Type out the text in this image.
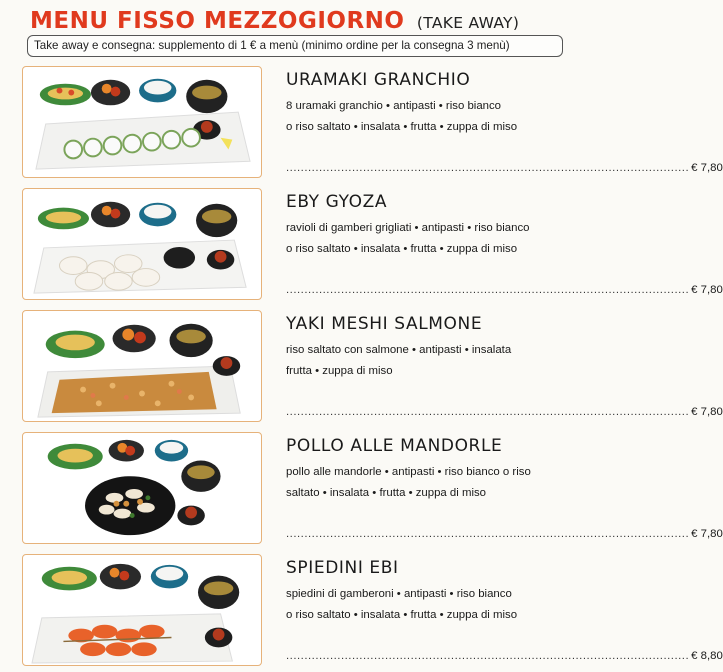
MENU FISSO MEZZOGIORNO (TAKE AWAY)
Take away e consegna: supplemento di 1 € a menù (minimo ordine per la consegna 3 menù)
URAMAKI GRANCHIO
8 uramaki granchio • antipasti • riso bianco
o riso saltato • insalata • frutta • zuppa di miso
.............................................................................................................. € 7,80
EBY GYOZA
ravioli di gamberi grigliati • antipasti • riso bianco
o riso saltato • insalata • frutta • zuppa di miso
.............................................................................................................. € 7,80
YAKI MESHI SALMONE
riso saltato con salmone • antipasti • insalata
frutta • zuppa di miso
.............................................................................................................. € 7,80
POLLO ALLE MANDORLE
pollo alle mandorle • antipasti • riso bianco o riso
saltato • insalata • frutta • zuppa di miso
.............................................................................................................. € 7,80
SPIEDINI EBI
spiedini di gamberoni • antipasti • riso bianco
o riso saltato • insalata • frutta • zuppa di miso
.............................................................................................................. € 8,80
